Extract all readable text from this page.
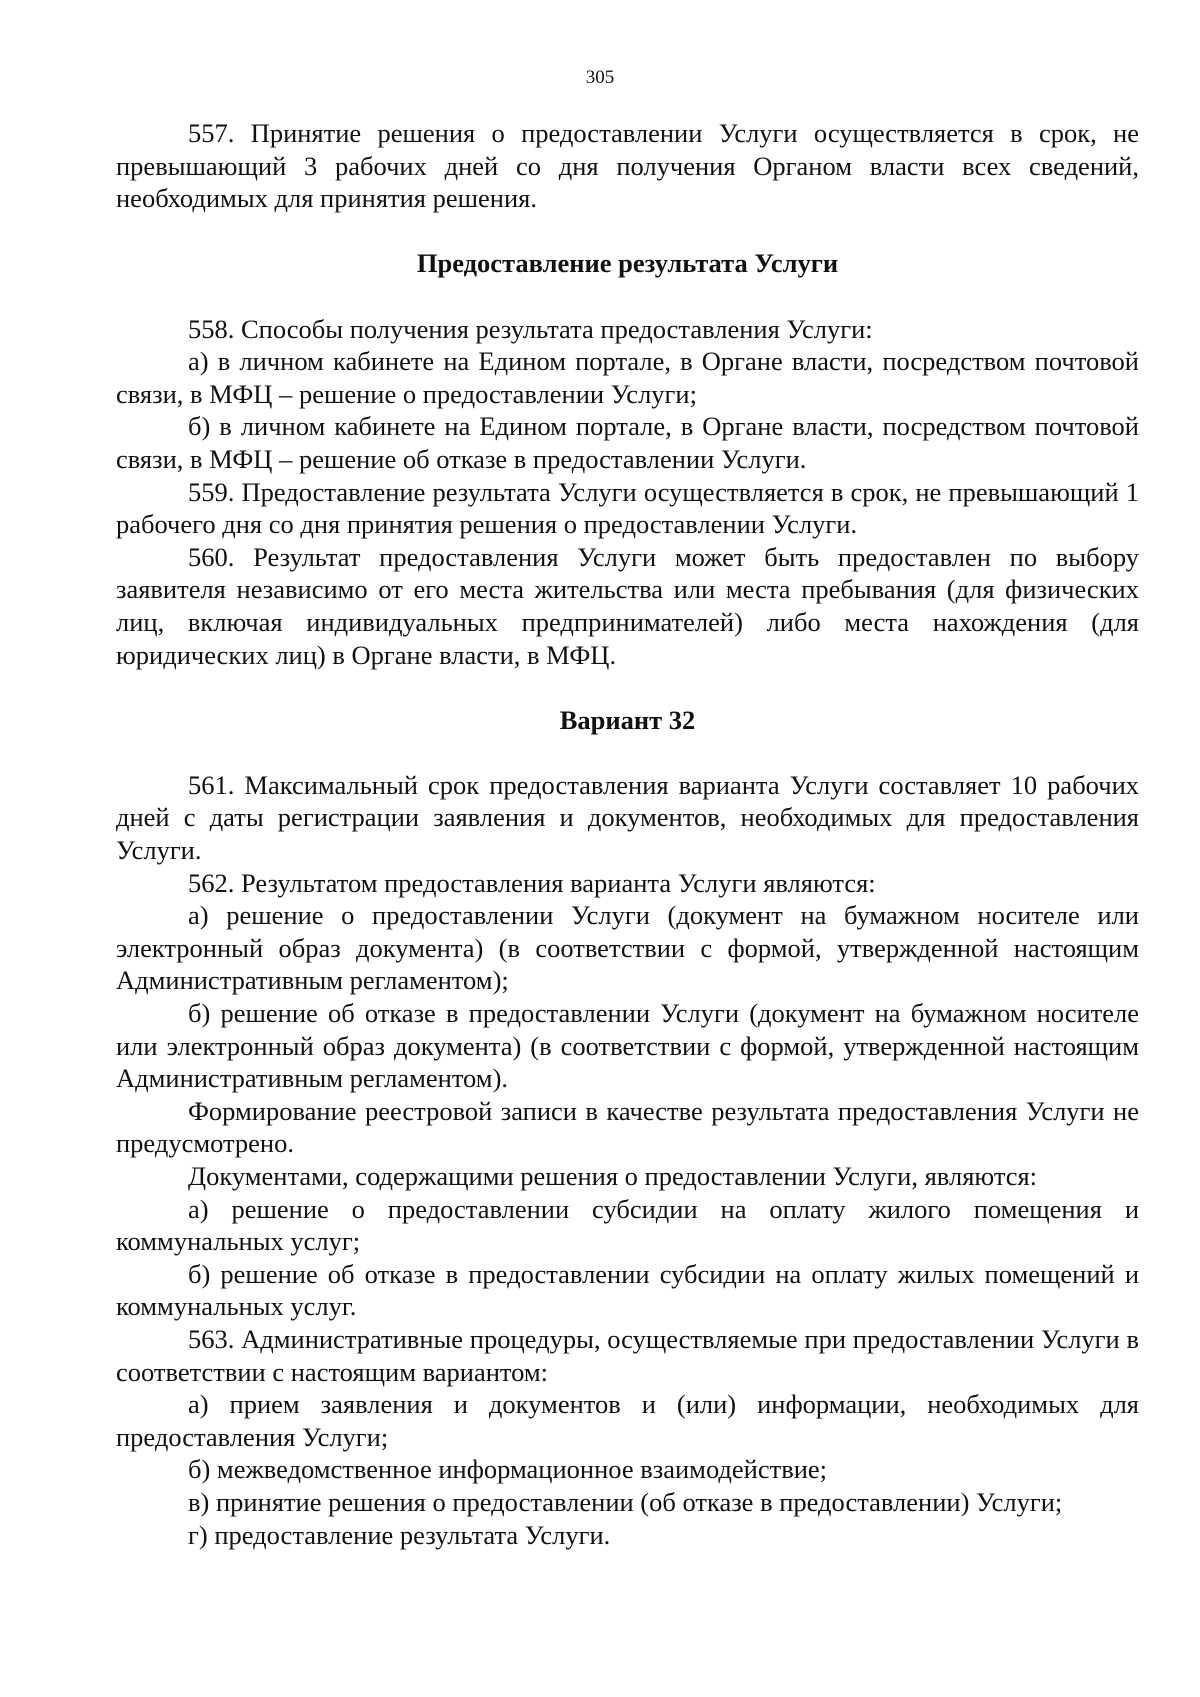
305

557. Принятие решения о предоставлении Услуги осуществляется в срок, не превышающий 3 рабочих дней со дня получения Органом власти всех сведений, необходимых для принятия решения.

Предоставление результата Услуги

558. Способы получения результата предоставления Услуги:

а) в личном кабинете на Едином портале, в Органе власти, посредством почтовой связи, в МФЦ – решение о предоставлении Услуги;

б) в личном кабинете на Едином портале, в Органе власти, посредством почтовой связи, в МФЦ – решение об отказе в предоставлении Услуги.

559. Предоставление результата Услуги осуществляется в срок, не превышающий 1 рабочего дня со дня принятия решения о предоставлении Услуги.

560. Результат предоставления Услуги может быть предоставлен по выбору заявителя независимо от его места жительства или места пребывания (для физических лиц, включая индивидуальных предпринимателей) либо места нахождения (для юридических лиц) в Органе власти, в МФЦ.

Вариант 32

561. Максимальный срок предоставления варианта Услуги составляет 10 рабочих дней с даты регистрации заявления и документов, необходимых для предоставления Услуги.

562. Результатом предоставления варианта Услуги являются:

а) решение о предоставлении Услуги (документ на бумажном носителе или электронный образ документа) (в соответствии с формой, утвержденной настоящим Административным регламентом);

б) решение об отказе в предоставлении Услуги (документ на бумажном носителе или электронный образ документа) (в соответствии с формой, утвержденной настоящим Административным регламентом).

Формирование реестровой записи в качестве результата предоставления Услуги не предусмотрено.

Документами, содержащими решения о предоставлении Услуги, являются:

а) решение о предоставлении субсидии на оплату жилого помещения и коммунальных услуг;

б) решение об отказе в предоставлении субсидии на оплату жилых помещений и коммунальных услуг.

563. Административные процедуры, осуществляемые при предоставлении Услуги в соответствии с настоящим вариантом:

а) прием заявления и документов и (или) информации, необходимых для предоставления Услуги;

б) межведомственное информационное взаимодействие;

в) принятие решения о предоставлении (об отказе в предоставлении) Услуги;

г) предоставление результата Услуги.
